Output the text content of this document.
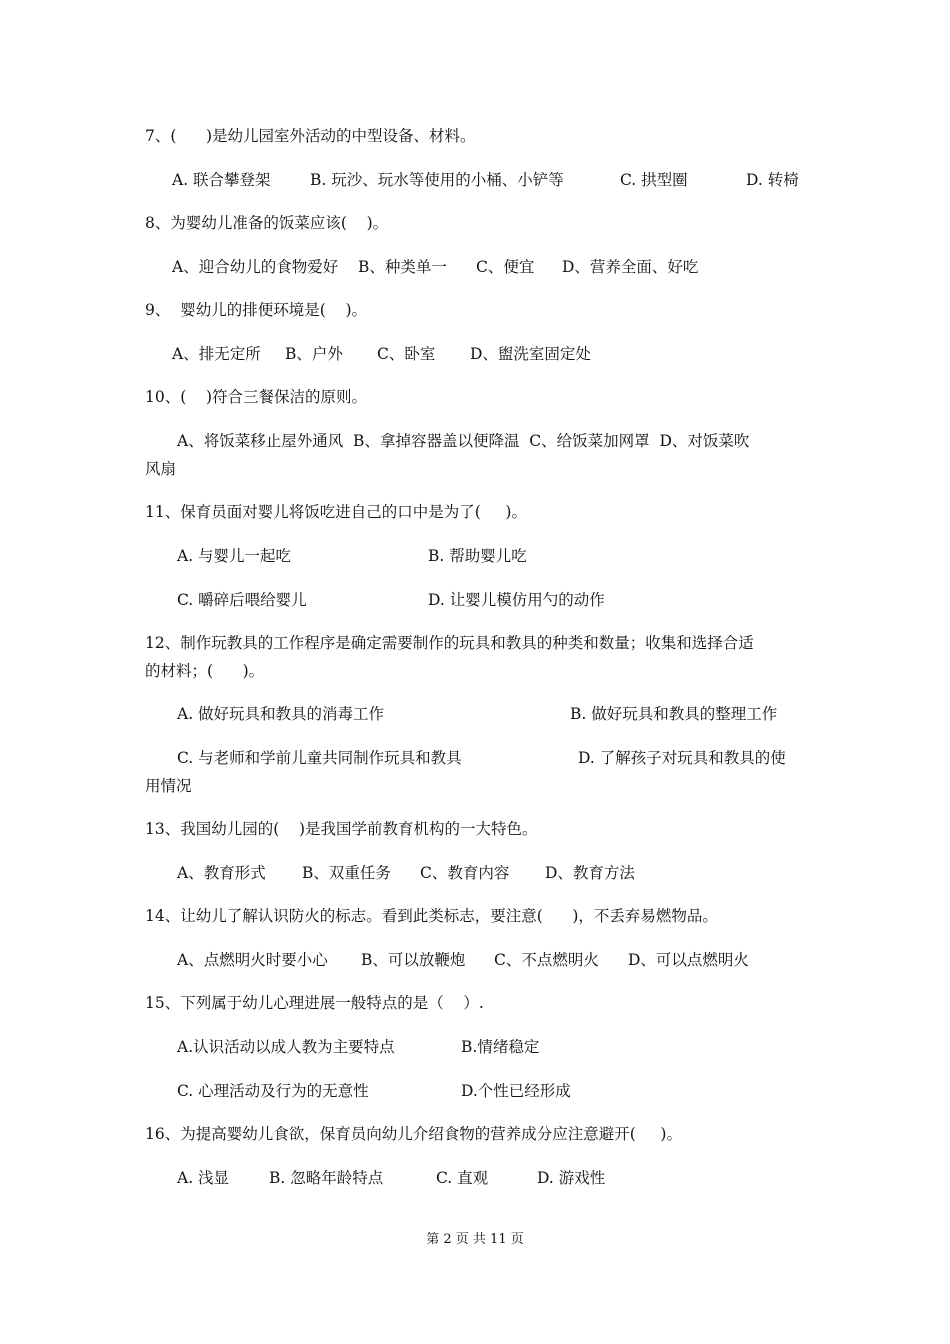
7、(      )是幼儿园室外活动的中型设备、材料。
A. 联合攀登架	B. 玩沙、玩水等使用的小桶、小铲等	C. 拱型圈	D. 转椅
8、为婴幼儿准备的饭菜应该(    )。
A、迎合幼儿的食物爱好 B、种类单一 C、便宜 D、营养全面、好吃
9、  婴幼儿的排便环境是(    )。
A、排无定所 B、户外 C、卧室 D、盥洗室固定处
10、(    )符合三餐保洁的原则。
A、将饭菜移止屋外通风  B、拿掉容器盖以便降温  C、给饭菜加网罩  D、对饭菜吹
风扇
11、保育员面对婴儿将饭吃进自己的口中是为了(     )。
A. 与婴儿一起吃	B. 帮助婴儿吃
C. 嚼碎后喂给婴儿	D. 让婴儿模仿用勺的动作
12、制作玩教具的工作程序是确定需要制作的玩具和教具的种类和数量；收集和选择合适
的材料；(      )。
A. 做好玩具和教具的消毒工作	B. 做好玩具和教具的整理工作
C. 与老师和学前儿童共同制作玩具和教具	D. 了解孩子对玩具和教具的使
用情况
13、我国幼儿园的(    )是我国学前教育机构的一大特色。
A、教育形式 B、双重任务 C、教育内容 D、教育方法
14、让幼儿了解认识防火的标志。看到此类标志，要注意(      )，不丢弃易燃物品。
A、点燃明火时要小心 B、可以放鞭炮 C、不点燃明火 D、可以点燃明火
15、下列属于幼儿心理进展一般特点的是（    ）.
A.认识活动以成人教为主要特点	B.情绪稳定
C. 心理活动及行为的无意性	D.个性已经形成
16、为提高婴幼儿食欲，保育员向幼儿介绍食物的营养成分应注意避开(     )。
A. 浅显	B. 忽略年龄特点	C. 直观	D. 游戏性
第 2 页 共 11 页
